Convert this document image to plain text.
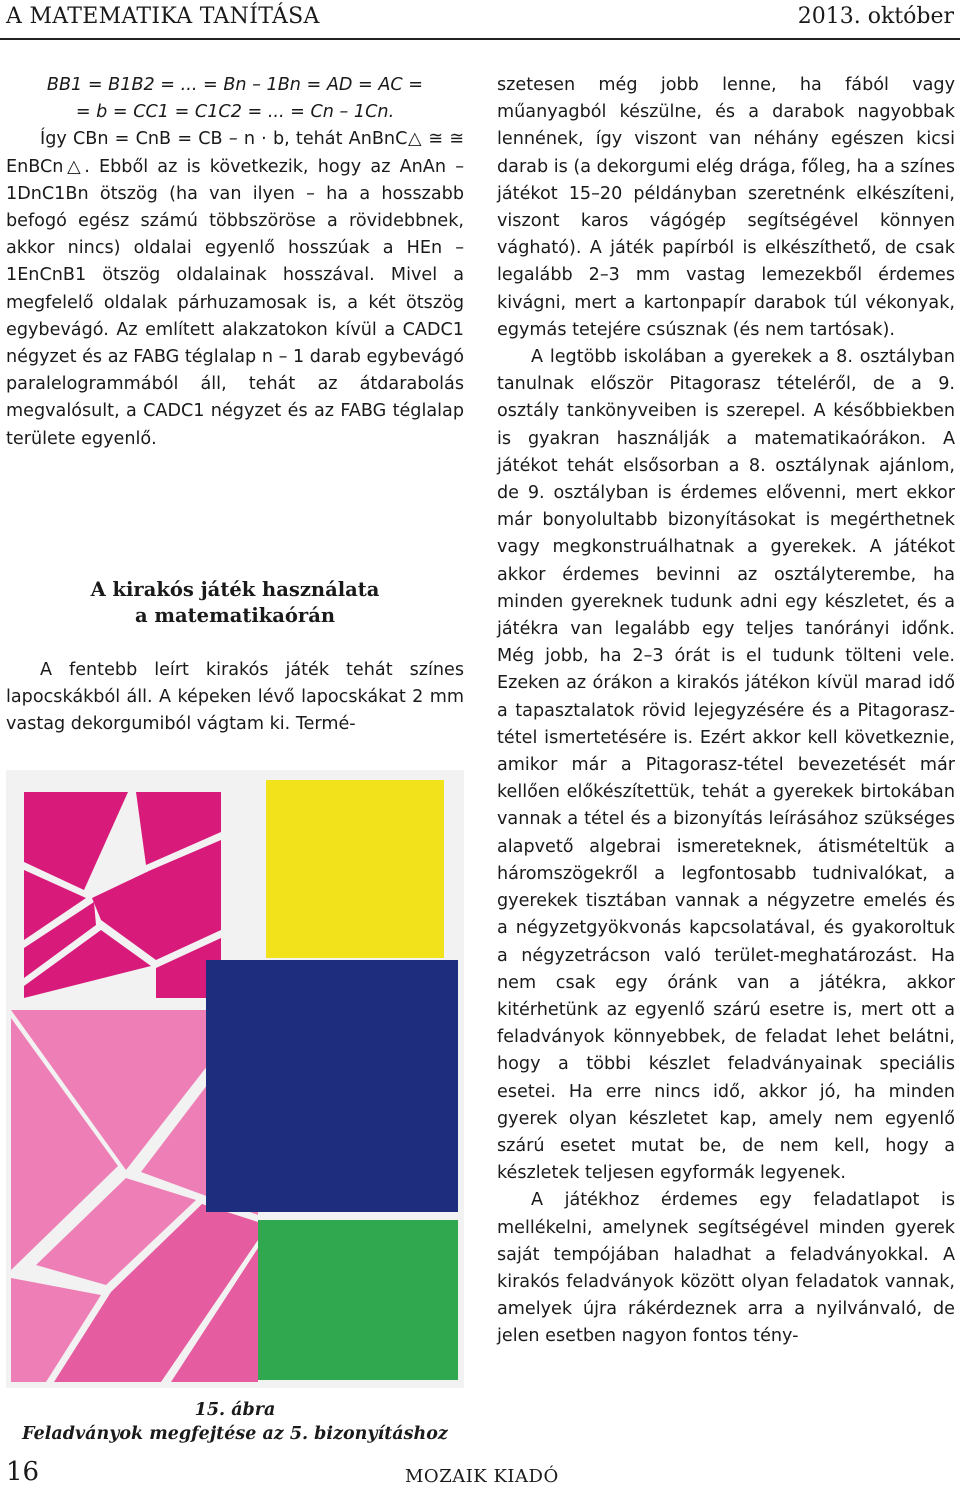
A MATEMATIKA TANÍTÁSA	2013. október

BB1 = B1B2 = ... = Bn – 1Bn = AD = AC =

= b = CC1 = C1C2 = ... = Cn – 1Cn.

Így CBn = CnB = CB – n · b, tehát AnBnC△ ≅ ≅ EnBCn△. Ebből az is következik, hogy az AnAn – 1DnC1Bn ötszög (ha van ilyen – ha a hosszabb befogó egész számú többszöröse a rövidebbnek, akkor nincs) oldalai egyenlő hosszúak a HEn – 1EnCnB1 ötszög oldalainak hosszával. Mivel a megfelelő oldalak párhuzamosak is, a két ötszög egybevágó. Az említett alakzatokon kívül a CADC1 négyzet és az FABG téglalap n – 1 darab egybevágó paralelogrammából áll, tehát az átdarabolás megvalósult, a CADC1 négyzet és az FABG téglalap területe egyenlő.

A kirakós játék használata
a matematikaórán

A fentebb leírt kirakós játék tehát színes lapocskákból áll. A képeken lévő lapocskákat 2 mm vastag dekorgumiból vágtam ki. Termé-

15. ábra
Feladványok megfejtése az 5. bizonyításhoz

szetesen még jobb lenne, ha fából vagy műanyagból készülne, és a darabok nagyobbak lennének, így viszont van néhány egészen kicsi darab is (a dekorgumi elég drága, főleg, ha a színes játékot 15–20 példányban szeretnénk elkészíteni, viszont karos vágógép segítségével könnyen vágható). A játék papírból is elkészíthető, de csak legalább 2–3 mm vastag lemezekből érdemes kivágni, mert a kartonpapír darabok túl vékonyak, egymás tetejére csúsznak (és nem tartósak).

A legtöbb iskolában a gyerekek a 8. osztályban tanulnak először Pitagorasz tételéről, de a 9. osztály tankönyveiben is szerepel. A későbbiekben is gyakran használják a matematikaórákon. A játékot tehát elsősorban a 8. osztálynak ajánlom, de 9. osztályban is érdemes elővenni, mert ekkor már bonyolultabb bizonyításokat is megérthetnek vagy megkonstruálhatnak a gyerekek. A játékot akkor érdemes bevinni az osztályterembe, ha minden gyereknek tudunk adni egy készletet, és a játékra van legalább egy teljes tanórányi időnk. Még jobb, ha 2–3 órát is el tudunk tölteni vele. Ezeken az órákon a kirakós játékon kívül marad idő a tapasztalatok rövid lejegyzésére és a Pitagorasz-tétel ismertetésére is. Ezért akkor kell következnie, amikor már a Pitagorasz-tétel bevezetését már kellően előkészítettük, tehát a gyerekek birtokában vannak a tétel és a bizonyítás leírásához szükséges alapvető algebrai ismereteknek, átismételtük a háromszögekről a legfontosabb tudnivalókat, a gyerekek tisztában vannak a négyzetre emelés és a négyzetgyökvonás kapcsolatával, és gyakoroltuk a négyzetrácson való terület-meghatározást. Ha nem csak egy óránk van a játékra, akkor kitérhetünk az egyenlő szárú esetre is, mert ott a feladványok könnyebbek, de feladat lehet belátni, hogy a többi készlet feladványainak speciális esetei. Ha erre nincs idő, akkor jó, ha minden gyerek olyan készletet kap, amely nem egyenlő szárú esetet mutat be, de nem kell, hogy a készletek teljesen egyformák legyenek.

A játékhoz érdemes egy feladatlapot is mellékelni, amelynek segítségével minden gyerek saját tempójában haladhat a feladványokkal. A kirakós feladványok között olyan feladatok vannak, amelyek újra rákérdeznek arra a nyilvánvaló, de jelen esetben nagyon fontos tény-

16	MOZAIK KIADÓ
